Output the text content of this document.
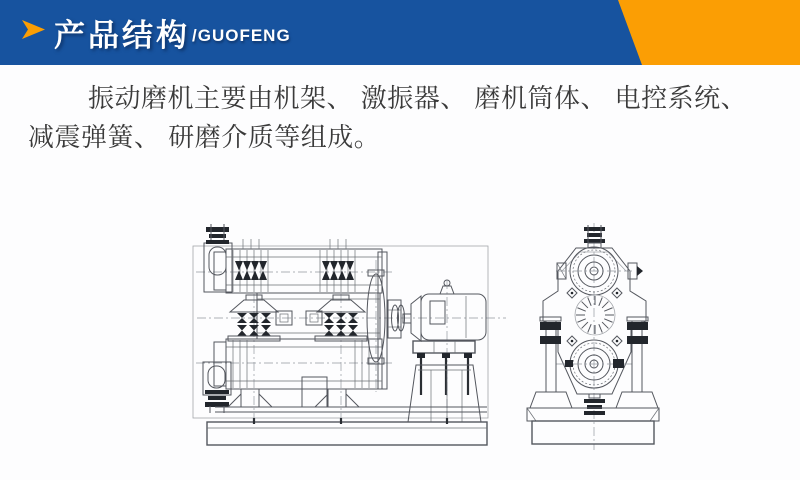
产品结构 /GUOFENG

振动磨机主要由机架、 激振器、 磨机筒体、 电控系统、
减震弹簧、 研磨介质等组成。
